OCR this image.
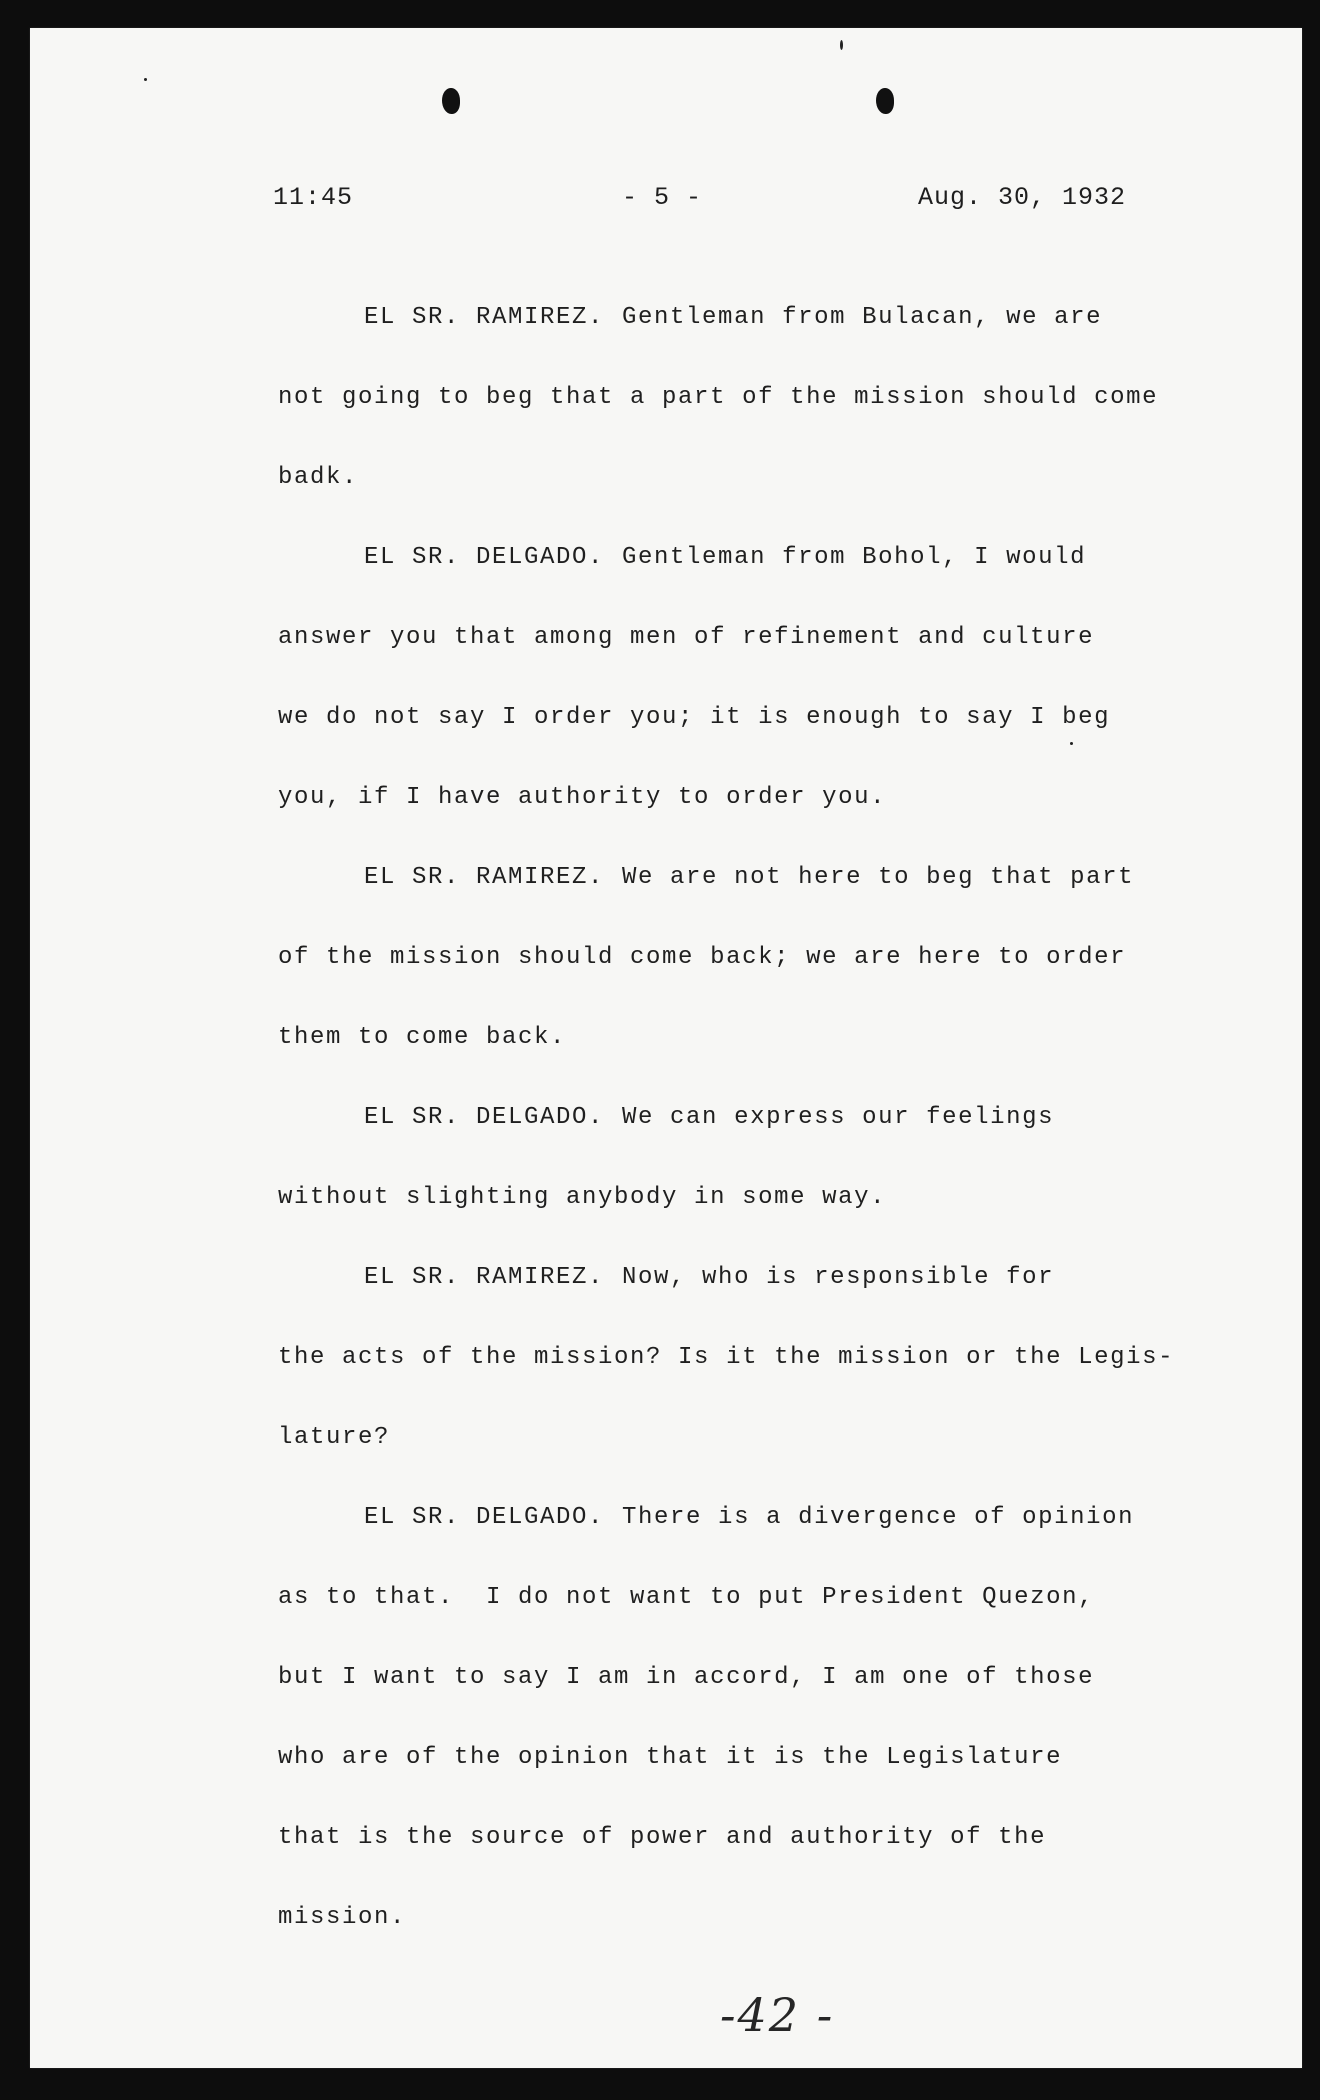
11:45	- 5 -	Aug. 30, 1932
EL SR. RAMIREZ. Gentleman from Bulacan, we are
not going to beg that a part of the mission should come
badk.
EL SR. DELGADO. Gentleman from Bohol, I would
answer you that among men of refinement and culture
we do not say I order you; it is enough to say I beg
you, if I have authority to order you.
EL SR. RAMIREZ. We are not here to beg that part
of the mission should come back; we are here to order
them to come back.
EL SR. DELGADO. We can express our feelings
without slighting anybody in some way.
EL SR. RAMIREZ. Now, who is responsible for
the acts of the mission? Is it the mission or the Legis-
lature?
EL SR. DELGADO. There is a divergence of opinion
as to that.  I do not want to put President Quezon,
but I want to say I am in accord, I am one of those
who are of the opinion that it is the Legislature
that is the source of power and authority of the
mission.
-42 -
